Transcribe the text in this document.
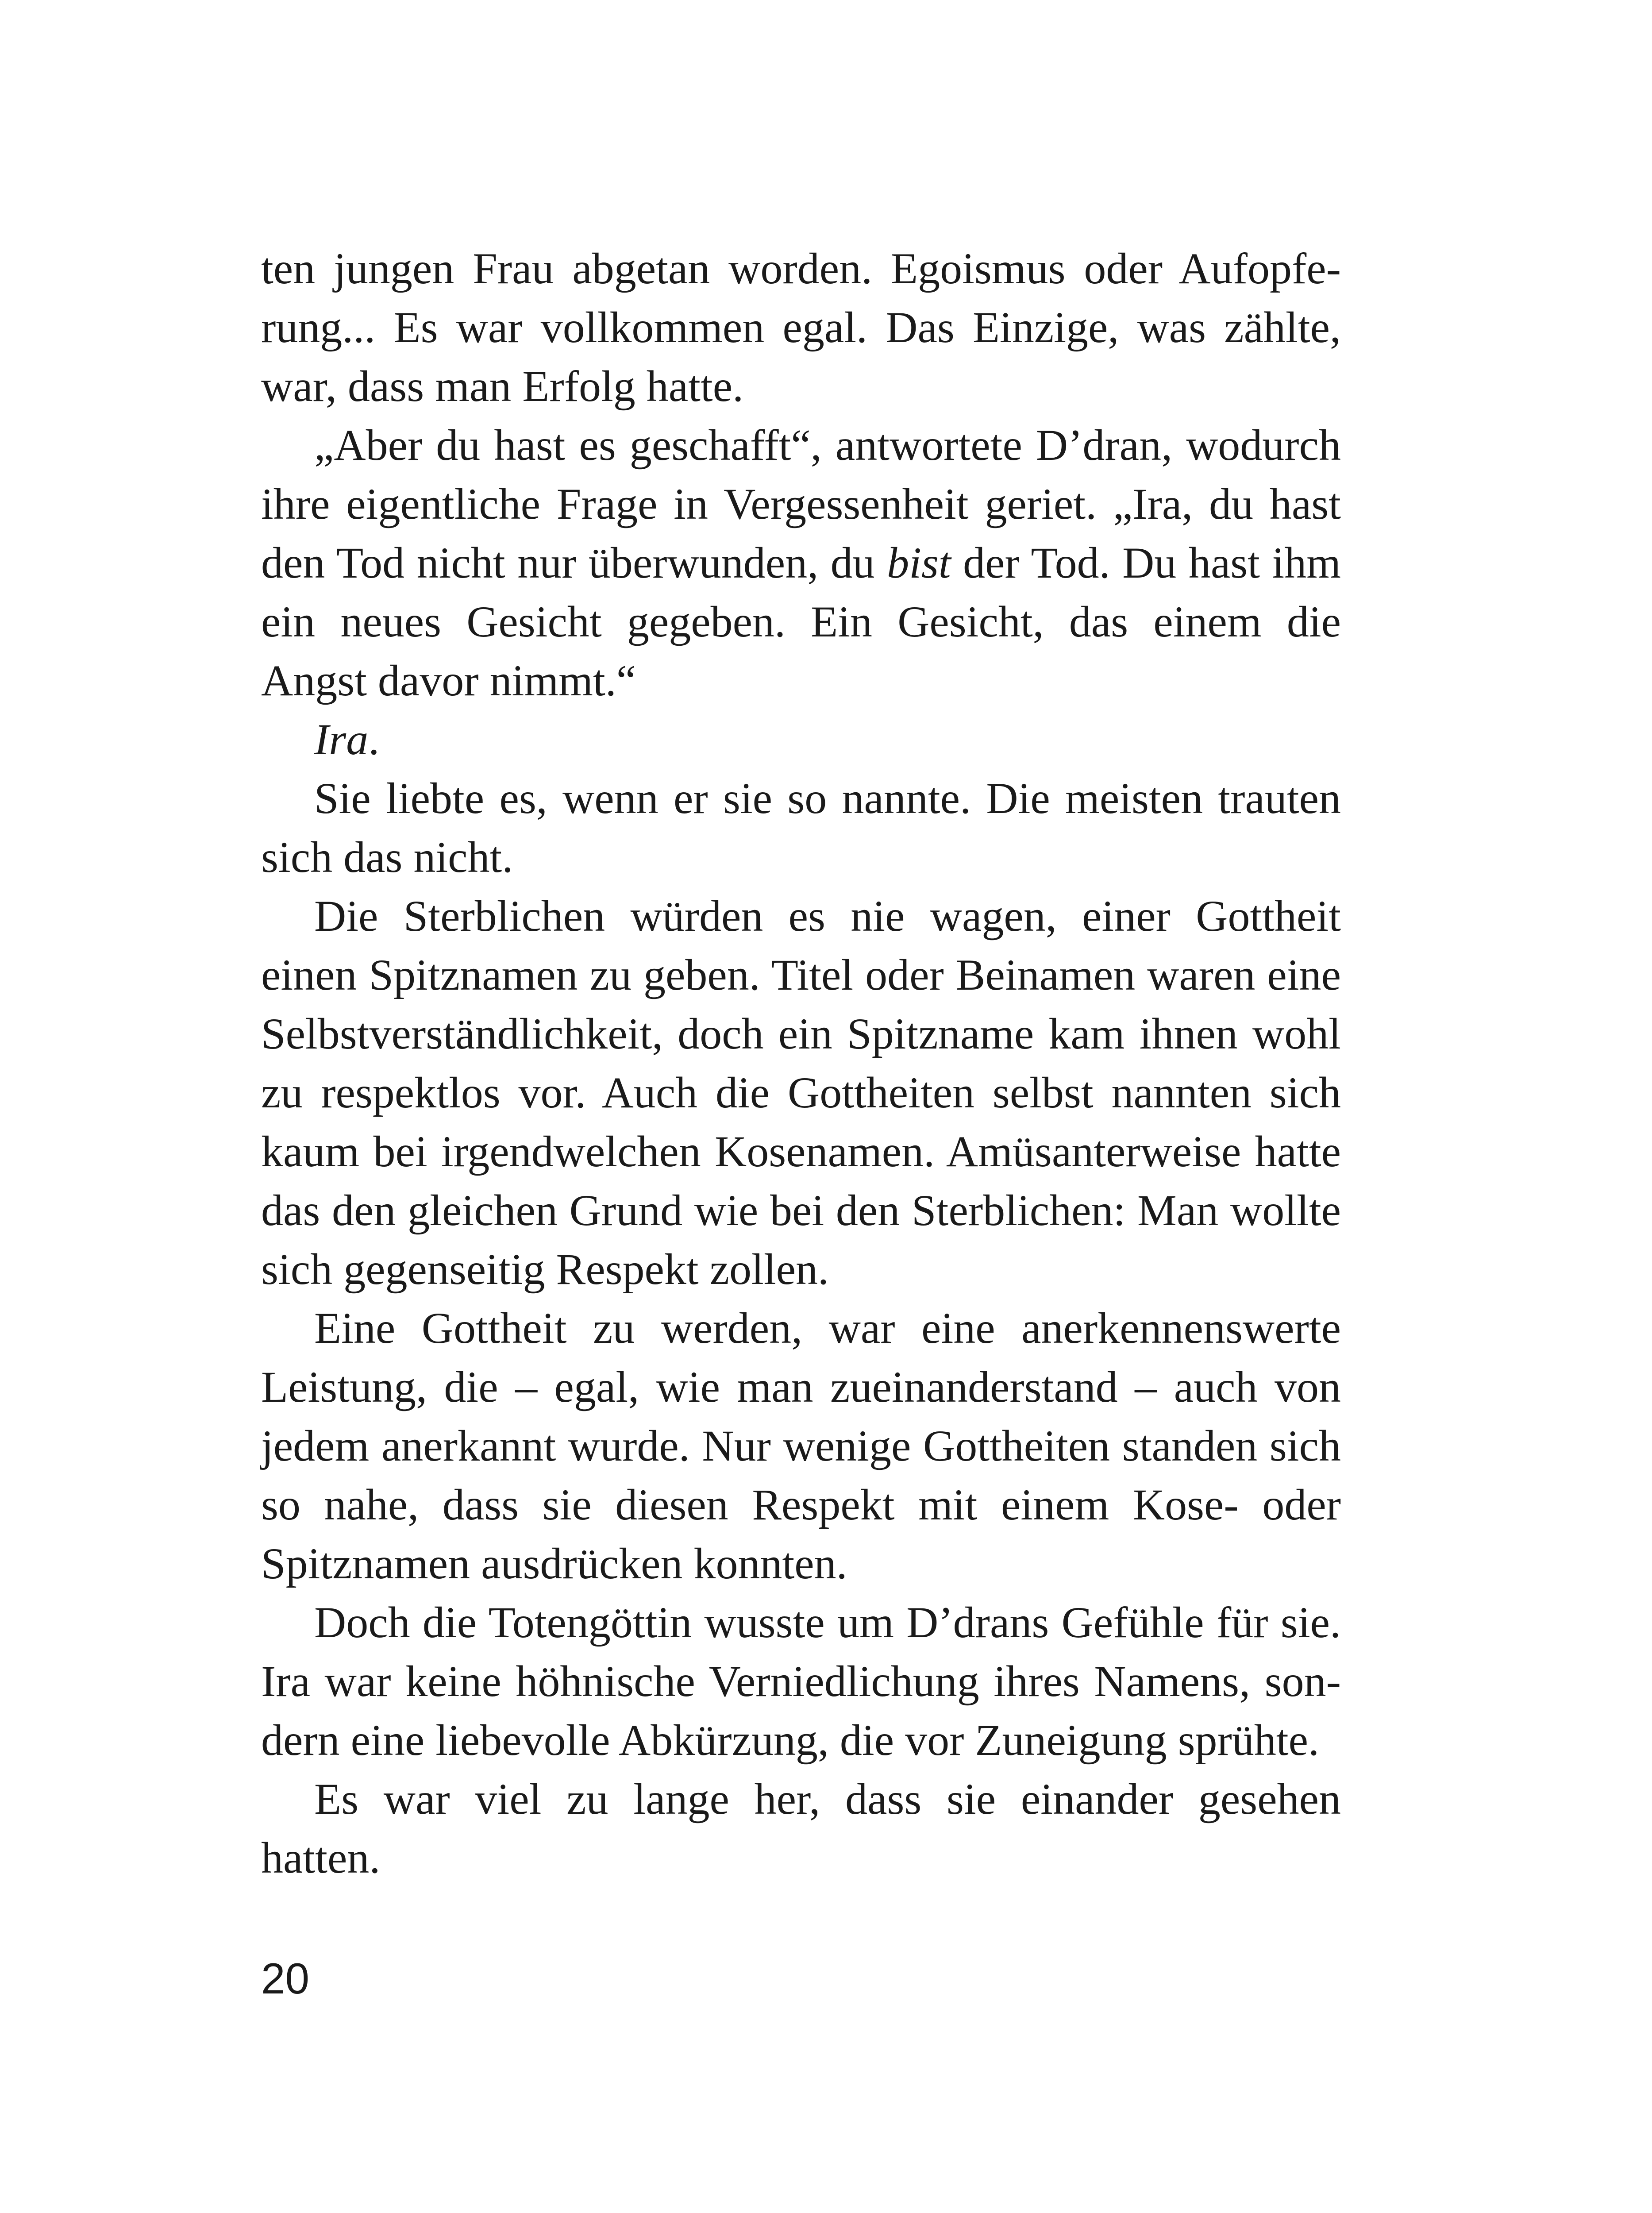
ten jungen Frau abgetan worden. Egoismus oder Aufopferung... Es war vollkommen egal. Das Einzige, was zählte, war, dass man Erfolg hatte.

„Aber du hast es geschafft“, antwortete D’dran, wodurch ihre eigentliche Frage in Vergessenheit geriet. „Ira, du hast den Tod nicht nur überwunden, du bist der Tod. Du hast ihm ein neues Gesicht gegeben. Ein Gesicht, das einem die Angst davor nimmt.“

Ira.

Sie liebte es, wenn er sie so nannte. Die meisten trauten sich das nicht.

Die Sterblichen würden es nie wagen, einer Gottheit einen Spitznamen zu geben. Titel oder Beinamen waren eine Selbstverständlichkeit, doch ein Spitzname kam ihnen wohl zu respektlos vor. Auch die Gottheiten selbst nannten sich kaum bei irgendwelchen Kosenamen. Amüsanterweise hatte das den gleichen Grund wie bei den Sterblichen: Man wollte sich gegenseitig Respekt zollen.

Eine Gottheit zu werden, war eine anerkennenswerte Leistung, die – egal, wie man zueinanderstand – auch von jedem anerkannt wurde. Nur wenige Gottheiten standen sich so nahe, dass sie diesen Respekt mit einem Kose- oder Spitznamen ausdrücken konnten.

Doch die Totengöttin wusste um D’drans Gefühle für sie. Ira war keine höhnische Verniedlichung ihres Namens, sondern eine liebevolle Abkürzung, die vor Zuneigung sprühte.

Es war viel zu lange her, dass sie einander gesehen hatten.

20
